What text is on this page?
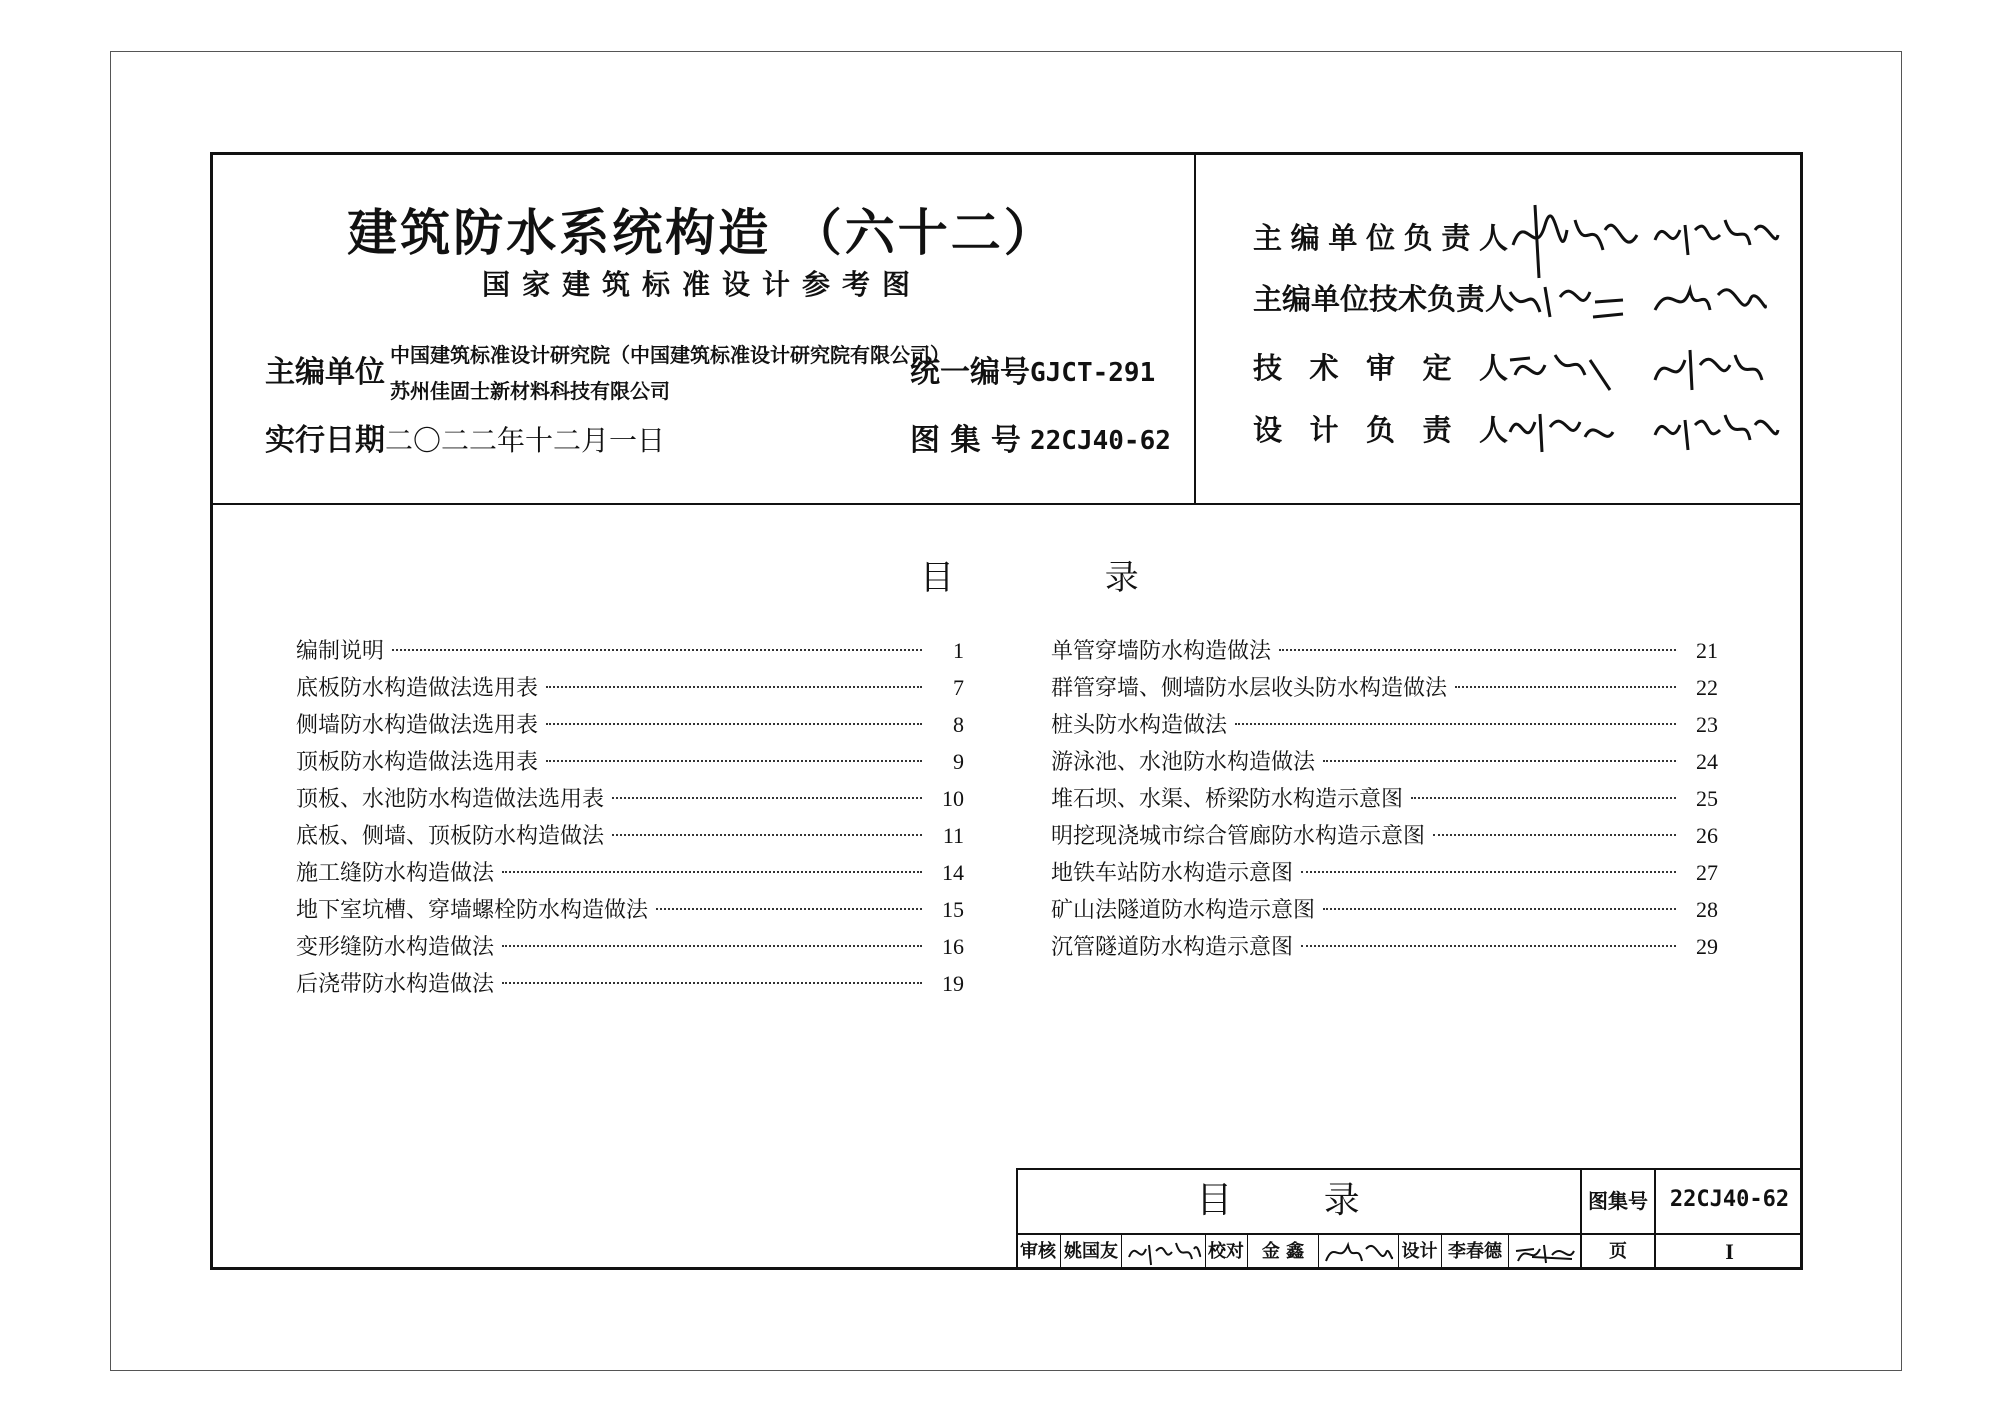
建筑防水系统构造 （六十二）
国家建筑标准设计参考图
主编单位 中国建筑标准设计研究院（中国建筑标准设计研究院有限公司）
苏州佳固士新材料科技有限公司
统一编号 GJCT-291
实行日期 二〇二二年十二月一日	图 集 号 22CJ40-62
主编单位负责人
主编单位技术负责人
技术审定人
设计负责人
目 录
编制说明	1
底板防水构造做法选用表	7
侧墙防水构造做法选用表	8
顶板防水构造做法选用表	9
顶板、水池防水构造做法选用表	10
底板、侧墙、顶板防水构造做法	11
施工缝防水构造做法	14
地下室坑槽、穿墙螺栓防水构造做法	15
变形缝防水构造做法	16
后浇带防水构造做法	19
单管穿墙防水构造做法	21
群管穿墙、侧墙防水层收头防水构造做法	22
桩头防水构造做法	23
游泳池、水池防水构造做法	24
堆石坝、水渠、桥梁防水构造示意图	25
明挖现浇城市综合管廊防水构造示意图	26
地铁车站防水构造示意图	27
矿山法隧道防水构造示意图	28
沉管隧道防水构造示意图	29
目 录	图集号 22CJ40-62
审核 姚国友	校对 金 鑫	设计 李春德	页	I
